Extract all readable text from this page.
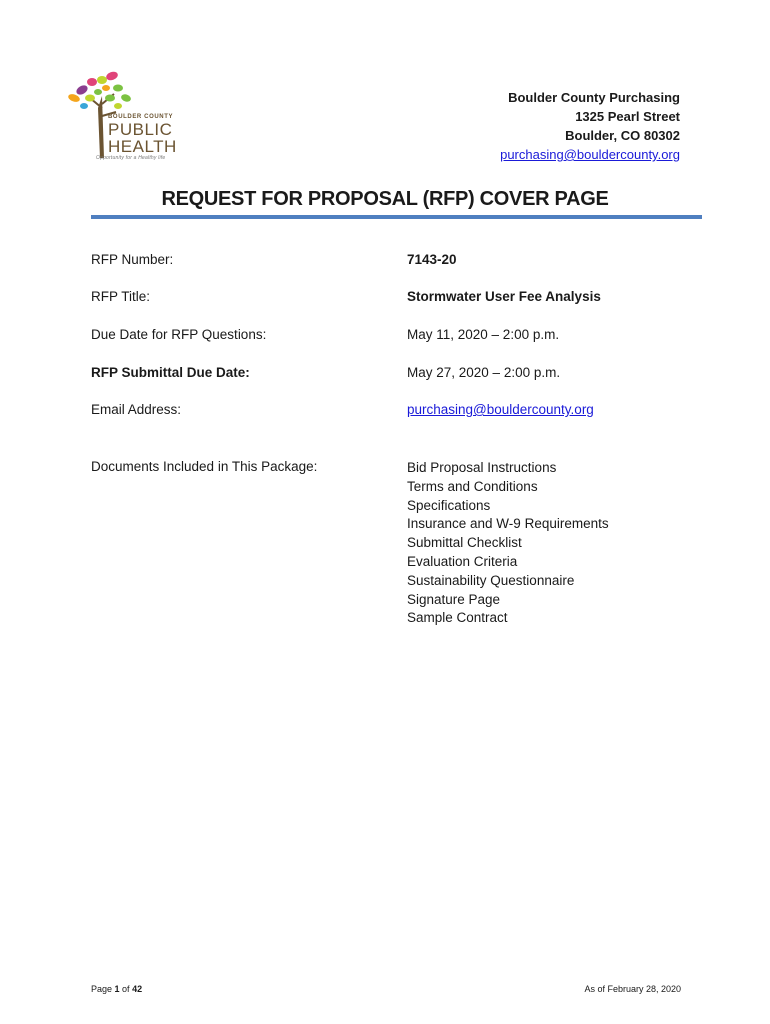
BOULDER COUNTY
PUBLIC
HEALTH
Opportunity for a Healthy life
Boulder County Purchasing
1325 Pearl Street
Boulder, CO 80302
purchasing@bouldercounty.org
REQUEST FOR PROPOSAL (RFP) COVER PAGE
RFP Number:	7143-20
RFP Title:	Stormwater User Fee Analysis
Due Date for RFP Questions:	May 11, 2020 – 2:00 p.m.
RFP Submittal Due Date:	May 27, 2020 – 2:00 p.m.
Email Address:	purchasing@bouldercounty.org
Documents Included in This Package:	Bid Proposal Instructions
Terms and Conditions
Specifications
Insurance and W-9 Requirements
Submittal Checklist
Evaluation Criteria
Sustainability Questionnaire
Signature Page
Sample Contract
Page 1 of 42	As of February 28, 2020
